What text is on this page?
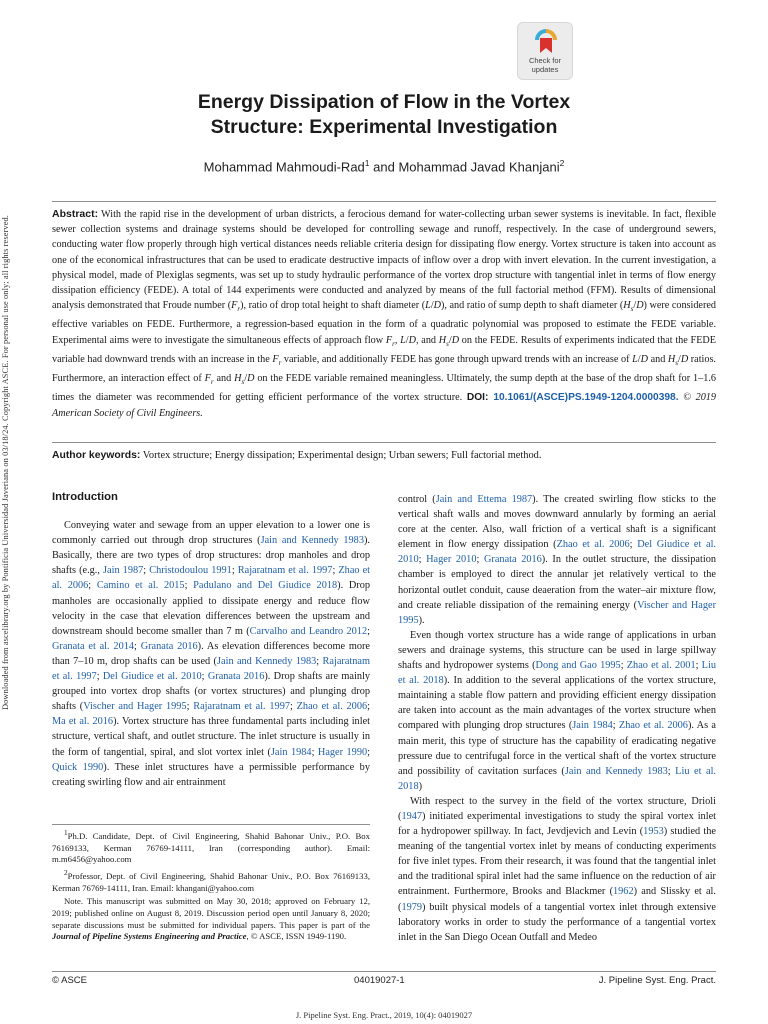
Downloaded from ascelibrary.org by Pontificia Universidad Javeriana on 03/18/24. Copyright ASCE. For personal use only; all rights reserved.
Check for
updates
Energy Dissipation of Flow in the Vortex
Structure: Experimental Investigation
Mohammad Mahmoudi-Rad$^1$ and Mohammad Javad Khanjani$^2$
Abstract: With the rapid rise in the development of urban districts, a ferocious demand for water-collecting urban sewer systems is inevitable. In fact, flexible sewer collection systems and drainage systems should be developed for controlling sewage and runoff, respectively. In the case of underground sewers, conducting water flow properly through high vertical distances needs reliable criteria design for dissipating flow energy. Vortex structure is taken into account as one of the economical infrastructures that can be used to eradicate destructive impacts of inflow over a drop with invert elevation. In the current investigation, a physical model, made of Plexiglas segments, was set up to study hydraulic performance of the vortex drop structure with tangential inlet in terms of flow energy dissipation efficiency (FEDE). A total of 144 experiments were conducted and analyzed by means of the full factorial method (FFM). Results of dimensional analysis demonstrated that Froude number $(F_r)$, ratio of drop total height to shaft diameter (L/D), and ratio of sump depth to shaft diameter $(H_s/D)$ were considered effective variables on FEDE. Furthermore, a regression-based equation in the form of a quadratic polynomial was proposed to estimate the FEDE variable. Experimental aims were to investigate the simultaneous effects of approach flow $F_r$, L/D, and $H_s/D$ on the FEDE. Results of experiments indicated that the FEDE variable had downward trends with an increase in the $F_r$ variable, and additionally FEDE has gone through upward trends with an increase of L/D and $H_s/D$ ratios. Furthermore, an interaction effect of $F_r$ and $H_s/D$ on the FEDE variable remained meaningless. Ultimately, the sump depth at the base of the drop shaft for 1–1.6 times the diameter was recommended for getting efficient performance of the vortex structure. DOI: 10.1061/(ASCE)PS.1949-1204.0000398. © 2019 American Society of Civil Engineers.
Author keywords: Vortex structure; Energy dissipation; Experimental design; Urban sewers; Full factorial method.
Introduction

Conveying water and sewage from an upper elevation to a lower one is commonly carried out through drop structures (Jain and Kennedy 1983). Basically, there are two types of drop structures: drop manholes and drop shafts (e.g., Jain 1987; Christodoulou 1991; Rajaratnam et al. 1997; Zhao et al. 2006; Camino et al. 2015; Padulano and Del Giudice 2018). Drop manholes are occasionally applied to dissipate energy and reduce flow velocity in the case that elevation differences between the upstream and downstream should become smaller than 7 m (Carvalho and Leandro 2012; Granata et al. 2014; Granata 2016). As elevation differences become more than 7–10 m, drop shafts can be used (Jain and Kennedy 1983; Rajaratnam et al. 1997; Del Giudice et al. 2010; Granata 2016). Drop shafts are mainly grouped into vortex drop shafts (or vortex structures) and plunging drop shafts (Vischer and Hager 1995; Rajaratnam et al. 1997; Zhao et al. 2006; Ma et al. 2016). Vortex structure has three fundamental parts including inlet structure, vertical shaft, and outlet structure. The inlet structure is usually in the form of tangential, spiral, and slot vortex inlet (Jain 1984; Hager 1990; Quick 1990). These inlet structures have a permissible performance by creating swirling flow and air entrainment

control (Jain and Ettema 1987). The created swirling flow sticks to the vertical shaft walls and moves downward annularly by forming an aerial core at the center. Also, wall friction of a vertical shaft is a significant element in flow energy dissipation (Zhao et al. 2006; Del Giudice et al. 2010; Hager 2010; Granata 2016). In the outlet structure, the dissipation chamber is employed to direct the annular jet relatively vertical to the horizontal outlet conduit, cause deaeration from the water–air mixture flow, and create reliable dissipation of the remaining energy (Vischer and Hager 1995).

Even though vortex structure has a wide range of applications in urban sewers and drainage systems, this structure can be used in large spillway shafts and hydropower systems (Dong and Gao 1995; Zhao et al. 2001; Liu et al. 2018). In addition to the several applications of the vortex structure, maintaining a stable flow pattern and providing efficient energy dissipation are taken into account as the main advantages of the vortex structure when compared with plunging drop structures (Jain 1984; Zhao et al. 2006). As a main merit, this type of structure has the capability of eradicating negative pressure due to centrifugal force in the vertical shaft of the vortex structure and possibility of cavitation surfaces (Jain and Kennedy 1983; Liu et al. 2018)

With respect to the survey in the field of the vortex structure, Drioli (1947) initiated experimental investigations to study the spiral vortex inlet for a hydropower spillway. In fact, Jevdjevich and Levin (1953) studied the meaning of the tangential vortex inlet by means of conducting experiments for five inlet types. From their research, it was found that the tangential inlet and the traditional spiral inlet had the same influence on the reduction of air entrainment. Furthermore, Brooks and Blackmer (1962) and Slissky et al. (1979) built physical models of a tangential vortex inlet through extensive laboratory works in order to study the performance of a tangential vortex inlet in the San Diego Ocean Outfall and Medeo

$^1$Ph.D. Candidate, Dept. of Civil Engineering, Shahid Bahonar Univ., P.O. Box 76169133, Kerman 76769-14111, Iran (corresponding author). Email: m.m6456@yahoo.com

$^2$Professor, Dept. of Civil Engineering, Shahid Bahonar Univ., P.O. Box 76169133, Kerman 76769-14111, Iran. Email: khangani@yahoo.com

Note. This manuscript was submitted on May 30, 2018; approved on February 12, 2019; published online on August 8, 2019. Discussion period open until January 8, 2020; separate discussions must be submitted for individual papers. This paper is part of the Journal of Pipeline Systems Engineering and Practice, © ASCE, ISSN 1949-1190.

© ASCE	04019027-1	J. Pipeline Syst. Eng. Pract.
J. Pipeline Syst. Eng. Pract., 2019, 10(4): 04019027
